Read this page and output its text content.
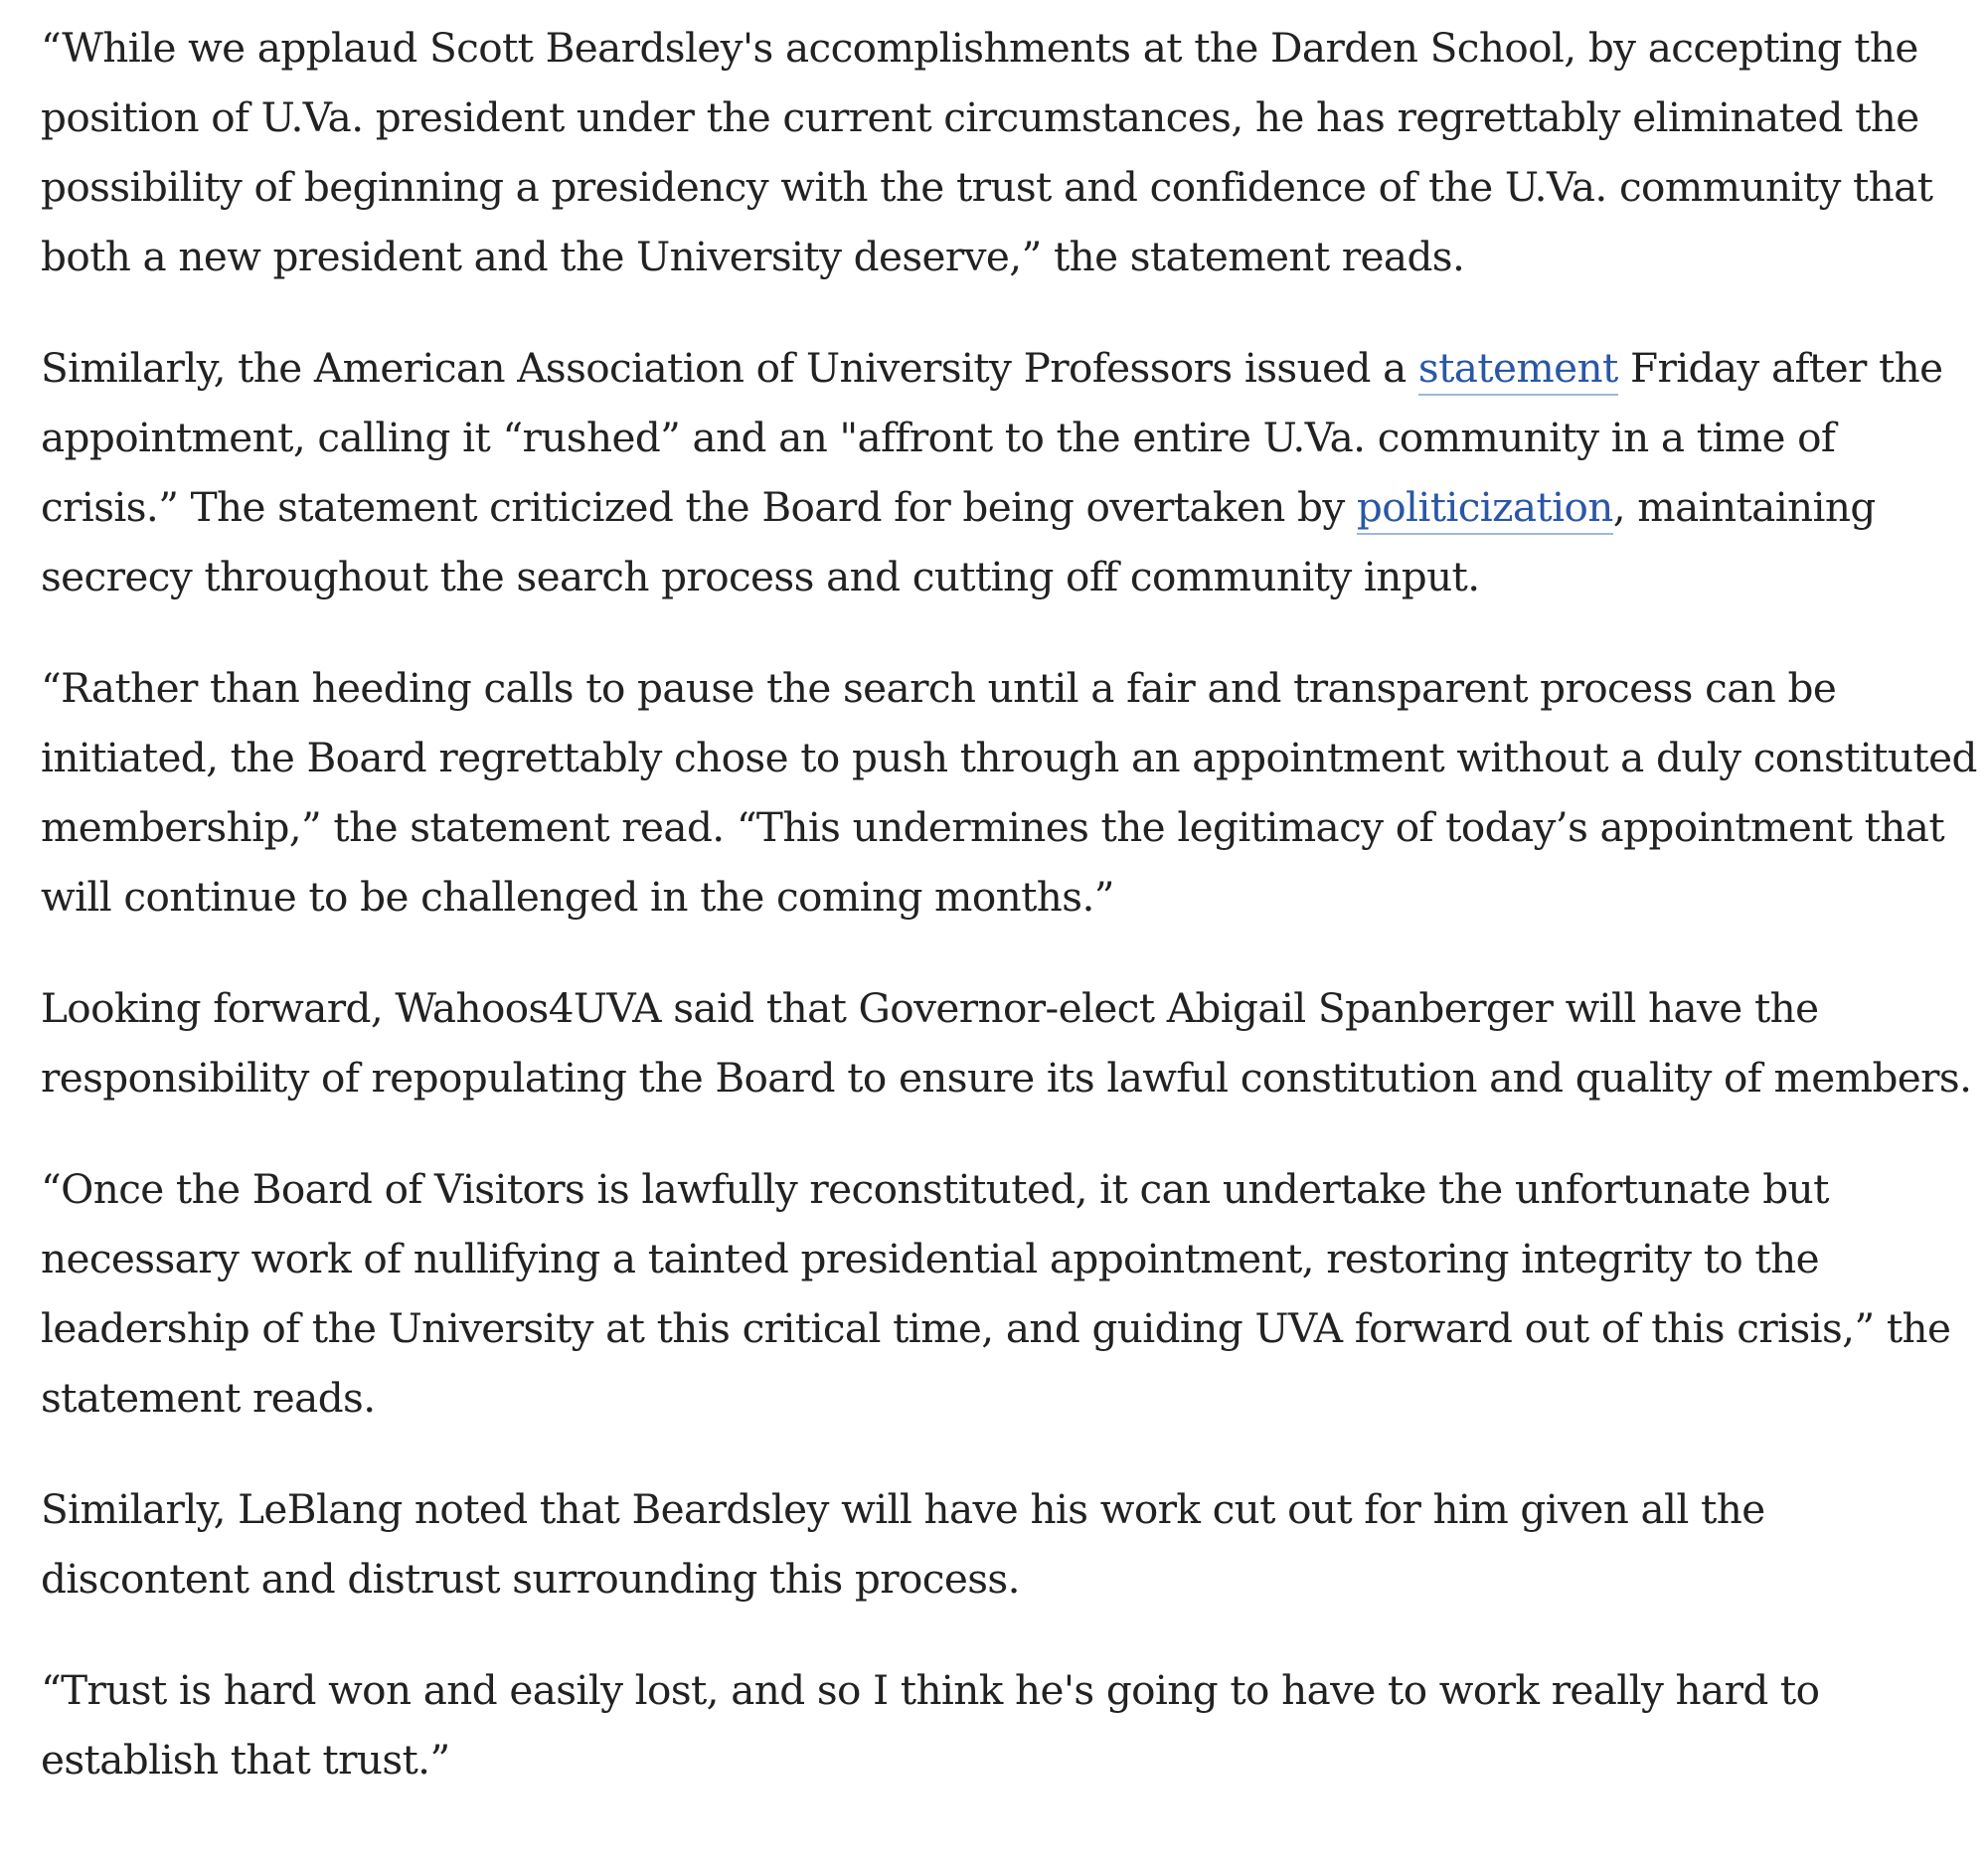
“While we applaud Scott Beardsley's accomplishments at the Darden School, by accepting the position of U.Va. president under the current circumstances, he has regrettably eliminated the possibility of beginning a presidency with the trust and confidence of the U.Va. community that both a new president and the University deserve,” the statement reads.

Similarly, the American Association of University Professors issued a statement Friday after the appointment, calling it “rushed” and an "affront to the entire U.Va. community in a time of crisis.” The statement criticized the Board for being overtaken by politicization, maintaining secrecy throughout the search process and cutting off community input.

“Rather than heeding calls to pause the search until a fair and transparent process can be initiated, the Board regrettably chose to push through an appointment without a duly constituted membership,” the statement read. “This undermines the legitimacy of today’s appointment that will continue to be challenged in the coming months.”

Looking forward, Wahoos4UVA said that Governor-elect Abigail Spanberger will have the responsibility of repopulating the Board to ensure its lawful constitution and quality of members.

“Once the Board of Visitors is lawfully reconstituted, it can undertake the unfortunate but necessary work of nullifying a tainted presidential appointment, restoring integrity to the leadership of the University at this critical time, and guiding UVA forward out of this crisis,” the statement reads.

Similarly, LeBlang noted that Beardsley will have his work cut out for him given all the discontent and distrust surrounding this process.

“Trust is hard won and easily lost, and so I think he's going to have to work really hard to establish that trust.”
